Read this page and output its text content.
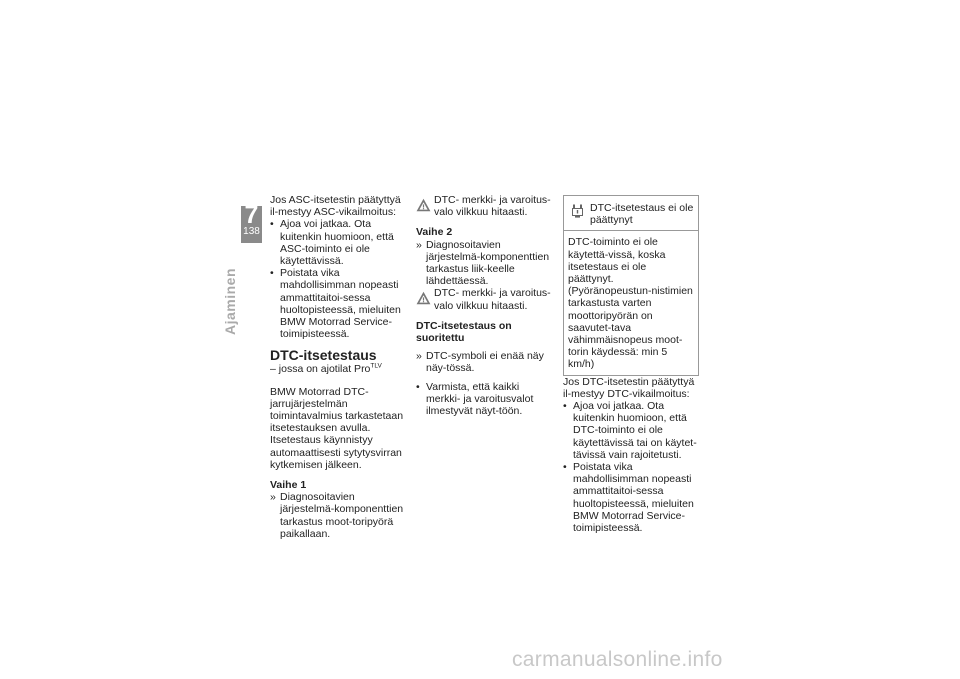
7
138
Ajaminen

Jos ASC-itsetestin päätyttyä il-mestyy ASC-vikailmoitus:

• Ajoa voi jatkaa. Ota kuitenkin huomioon, että ASC-toiminto ei ole käytettävissä.
• Poistata vika mahdollisimman nopeasti ammattitaitoi-sessa huoltopisteessä, mieluiten BMW Motorrad Service-toimipisteessä.
DTC-itsetestaus

– jossa on ajotilat Pro$^{TLV}$

BMW Motorrad DTC-jarrujärjestelmän toimintavalmius tarkastetaan itsetestauksen avulla. Itsetestaus käynnistyy automaattisesti sytytysvirran kytkemisen jälkeen.

Vaihe 1
» Diagnosoitavien järjestelmä-komponenttien tarkastus moot-toripyörä paikallaan.
DTC- merkki- ja varoitus-valo vilkkuu hitaasti.
Vaihe 2
» Diagnosoitavien järjestelmä-komponenttien tarkastus liik-keelle lähdettäessä.
DTC- merkki- ja varoitus-valo vilkkuu hitaasti.
DTC-itsetestaus on suoritettu
» DTC-symboli ei enää näy näy-tössä.
• Varmista, että kaikki merkki- ja varoitusvalot ilmestyvät näyt-töön.
DTC-itsetestaus ei ole päättynyt
DTC-toiminto ei ole käytettä-vissä, koska itsetestaus ei ole päättynyt. (Pyöränopeustun-nistimien tarkastusta varten moottoripyörän on saavutet-tava vähimmäisnopeus moot-torin käydessä: min 5 km/h)

Jos DTC-itsetestin päätyttyä il-mestyy DTC-vikailmoitus:

• Ajoa voi jatkaa. Ota kuitenkin huomioon, että DTC-toiminto ei ole käytettävissä tai on käytet-tävissä vain rajoitetusti.
• Poistata vika mahdollisimman nopeasti ammattitaitoi-sessa huoltopisteessä, mieluiten BMW Motorrad Service-toimipisteessä.
carmanualsonline.info
